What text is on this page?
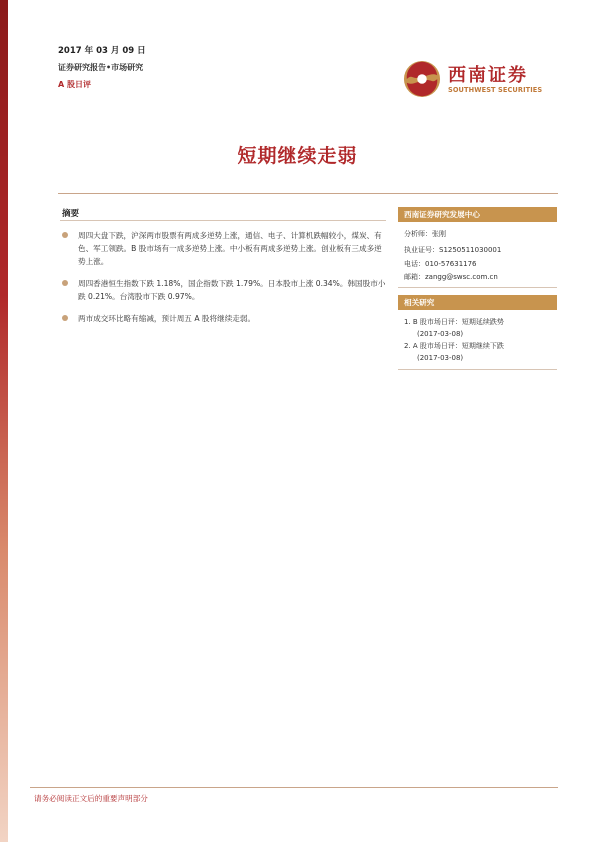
2017 年 03 月 09 日
证券研究报告•市场研究
A 股日评	西南证券
SOUTHWEST SECURITIES
短期继续走弱
摘要
周四大盘下跌，沪深两市股票有两成多逆势上涨，通信、电子、计算机跌幅较小，煤炭、有色、军工领跌。B 股市场有一成多逆势上涨。中小板有两成多逆势上涨。创业板有三成多逆势上涨。
周四香港恒生指数下跌 1.18%，国企指数下跌 1.79%。日本股市上涨 0.34%。韩国股市小跌 0.21%。台湾股市下跌 0.97%。
两市成交环比略有缩减，预计周五 A 股将继续走弱。
西南证券研究发展中心
分析师：张刚
执业证号：S1250511030001
电话：010-57631176
邮箱：zangg@swsc.com.cn
相关研究
1. B 股市场日评：短期延续跌势
(2017-03-08)
2. A 股市场日评：短期继续下跌
(2017-03-08)
请务必阅读正文后的重要声明部分
